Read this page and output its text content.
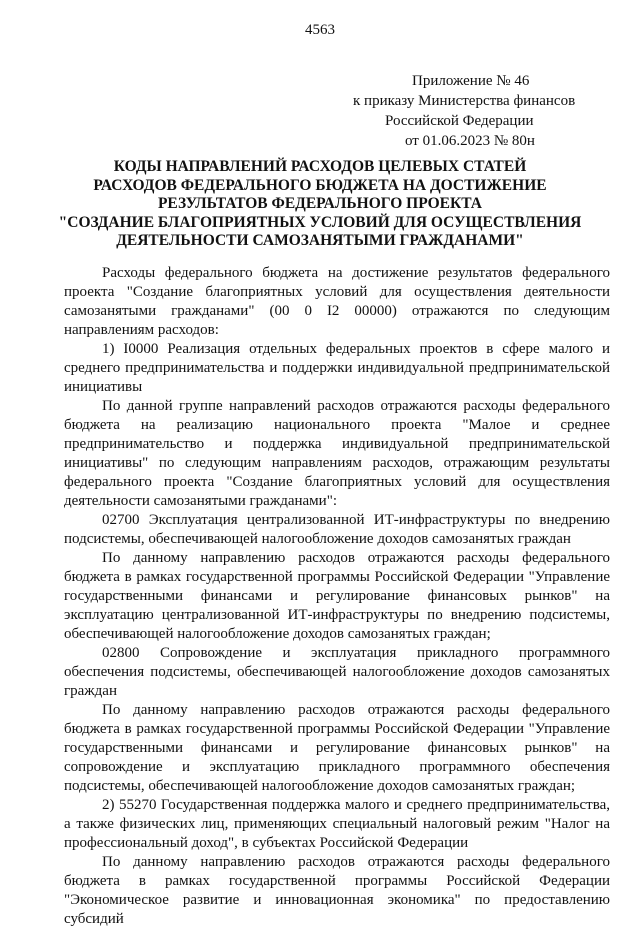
4563
Приложение № 46
к приказу Министерства финансов
Российской Федерации
от 01.06.2023 № 80н
КОДЫ НАПРАВЛЕНИЙ РАСХОДОВ ЦЕЛЕВЫХ СТАТЕЙ
РАСХОДОВ ФЕДЕРАЛЬНОГО БЮДЖЕТА НА ДОСТИЖЕНИЕ
РЕЗУЛЬТАТОВ ФЕДЕРАЛЬНОГО ПРОЕКТА
"СОЗДАНИЕ БЛАГОПРИЯТНЫХ УСЛОВИЙ ДЛЯ ОСУЩЕСТВЛЕНИЯ
ДЕЯТЕЛЬНОСТИ САМОЗАНЯТЫМИ ГРАЖДАНАМИ"

Расходы федерального бюджета на достижение результатов федерального проекта "Создание благоприятных условий для осуществления деятельности самозанятыми гражданами" (00 0 I2 00000) отражаются по следующим направлениям расходов:

1) I0000 Реализация отдельных федеральных проектов в сфере малого и среднего предпринимательства и поддержки индивидуальной предпринимательской инициативы

По данной группе направлений расходов отражаются расходы федерального бюджета на реализацию национального проекта "Малое и среднее предпринимательство и поддержка индивидуальной предпринимательской инициативы" по следующим направлениям расходов, отражающим результаты федерального проекта "Создание благоприятных условий для осуществления деятельности самозанятыми гражданами":

02700 Эксплуатация централизованной ИТ-инфраструктуры по внедрению подсистемы, обеспечивающей налогообложение доходов самозанятых граждан

По данному направлению расходов отражаются расходы федерального бюджета в рамках государственной программы Российской Федерации "Управление государственными финансами и регулирование финансовых рынков" на эксплуатацию централизованной ИТ-инфраструктуры по внедрению подсистемы, обеспечивающей налогообложение доходов самозанятых граждан;

02800 Сопровождение и эксплуатация прикладного программного обеспечения подсистемы, обеспечивающей налогообложение доходов самозанятых граждан

По данному направлению расходов отражаются расходы федерального бюджета в рамках государственной программы Российской Федерации "Управление государственными финансами и регулирование финансовых рынков" на сопровождение и эксплуатацию прикладного программного обеспечения подсистемы, обеспечивающей налогообложение доходов самозанятых граждан;

2) 55270 Государственная поддержка малого и среднего предпринимательства, а также физических лиц, применяющих специальный налоговый режим "Налог на профессиональный доход", в субъектах Российской Федерации

По данному направлению расходов отражаются расходы федерального бюджета в рамках государственной программы Российской Федерации "Экономическое развитие и инновационная экономика" по предоставлению субсидий
